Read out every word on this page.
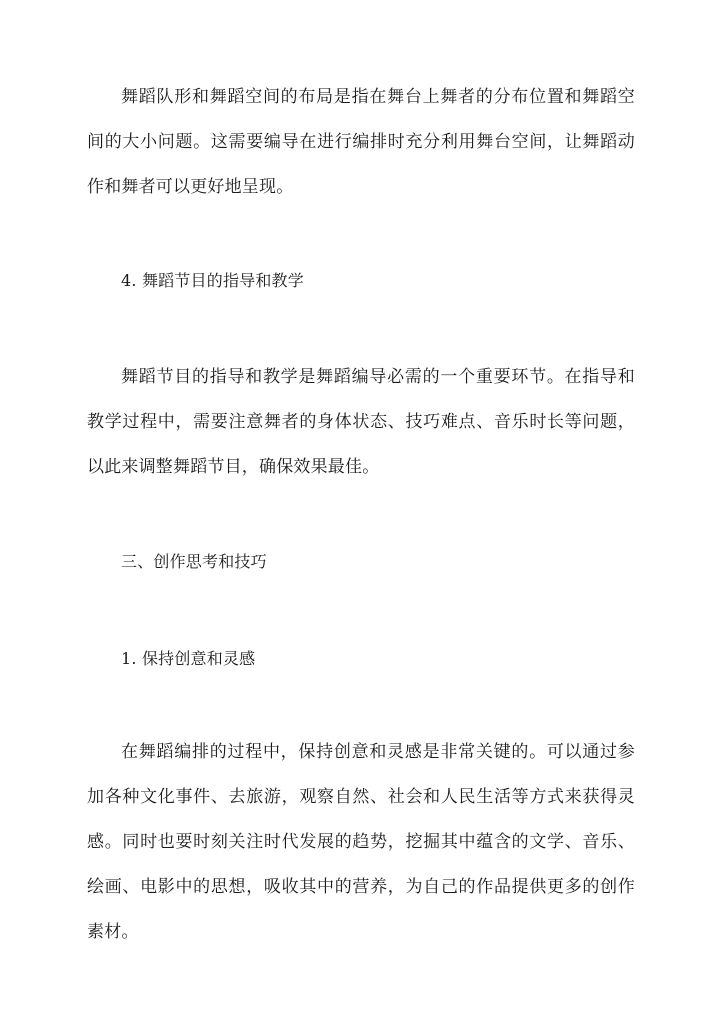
舞蹈队形和舞蹈空间的布局是指在舞台上舞者的分布位置和舞蹈空间的大小问题。这需要编导在进行编排时充分利用舞台空间，让舞蹈动作和舞者可以更好地呈现。

4. 舞蹈节目的指导和教学

舞蹈节目的指导和教学是舞蹈编导必需的一个重要环节。在指导和教学过程中，需要注意舞者的身体状态、技巧难点、音乐时长等问题，以此来调整舞蹈节目，确保效果最佳。

三、创作思考和技巧

1. 保持创意和灵感

在舞蹈编排的过程中，保持创意和灵感是非常关键的。可以通过参加各种文化事件、去旅游，观察自然、社会和人民生活等方式来获得灵感。同时也要时刻关注时代发展的趋势，挖掘其中蕴含的文学、音乐、绘画、电影中的思想，吸收其中的营养，为自己的作品提供更多的创作素材。
